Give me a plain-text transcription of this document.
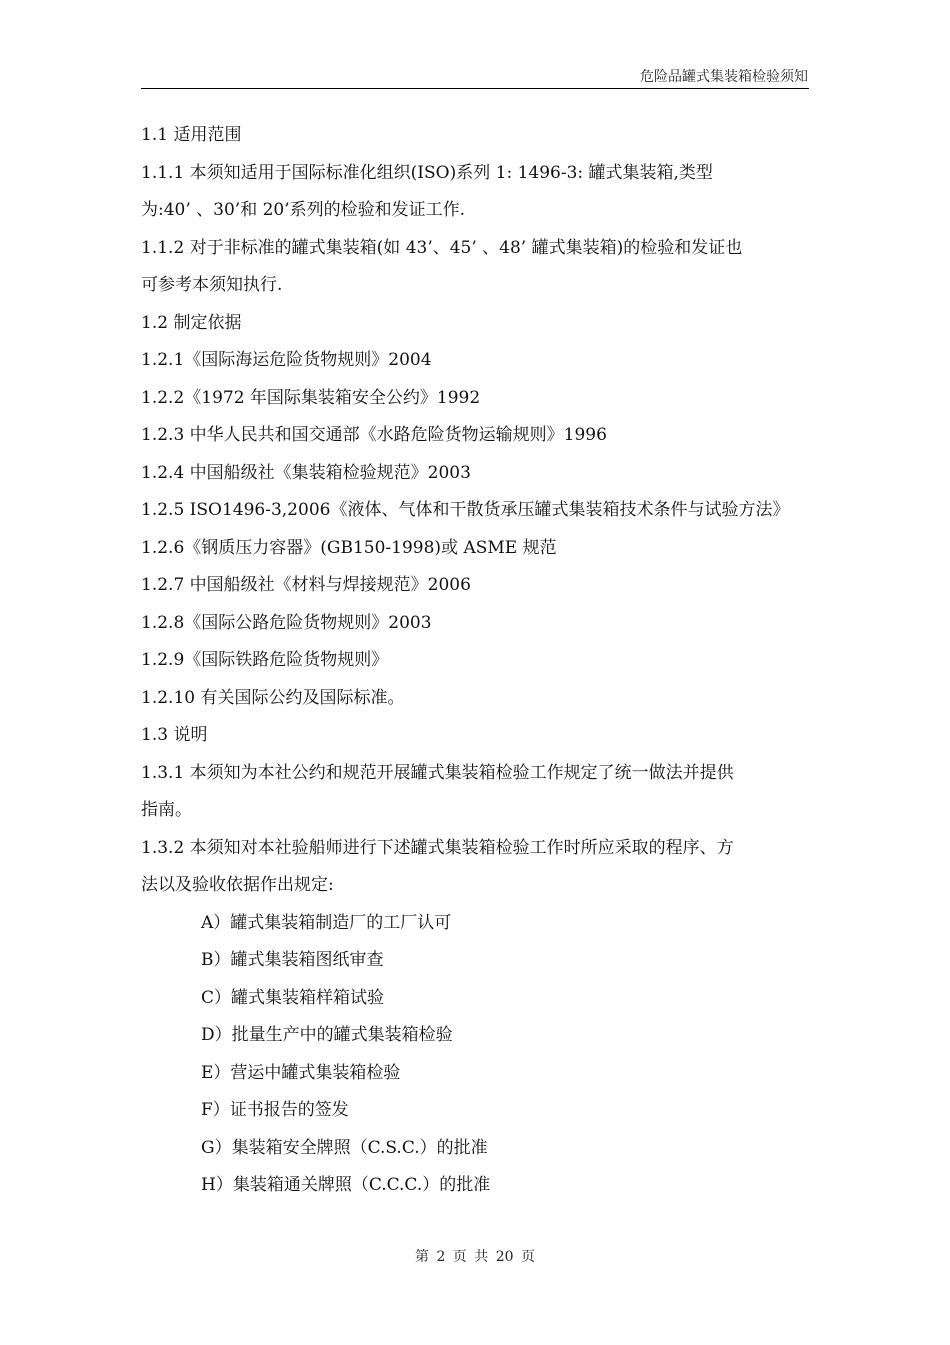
危险品罐式集装箱检验须知
1.1 适用范围
1.1.1 本须知适用于国际标准化组织(ISO)系列 1: 1496-3: 罐式集装箱,类型
为:40’ 、30’和 20’系列的检验和发证工作.
1.1.2 对于非标准的罐式集装箱(如 43’、45’ 、48’ 罐式集装箱)的检验和发证也
可参考本须知执行.
1.2 制定依据
1.2.1《国际海运危险货物规则》2004
1.2.2《1972 年国际集装箱安全公约》1992
1.2.3 中华人民共和国交通部《水路危险货物运输规则》1996
1.2.4 中国船级社《集装箱检验规范》2003
1.2.5 ISO1496-3,2006《液体、气体和干散货承压罐式集装箱技术条件与试验方法》
1.2.6《钢质压力容器》(GB150-1998)或 ASME 规范
1.2.7 中国船级社《材料与焊接规范》2006
1.2.8《国际公路危险货物规则》2003
1.2.9《国际铁路危险货物规则》
1.2.10 有关国际公约及国际标准。
1.3 说明
1.3.1 本须知为本社公约和规范开展罐式集装箱检验工作规定了统一做法并提供
指南。
1.3.2 本须知对本社验船师进行下述罐式集装箱检验工作时所应采取的程序、方
法以及验收依据作出规定:
A）罐式集装箱制造厂的工厂认可
B）罐式集装箱图纸审查
C）罐式集装箱样箱试验
D）批量生产中的罐式集装箱检验
E）营运中罐式集装箱检验
F）证书报告的签发
G）集装箱安全牌照（C.S.C.）的批准
H）集装箱通关牌照（C.C.C.）的批准
第 2 页 共 20 页
